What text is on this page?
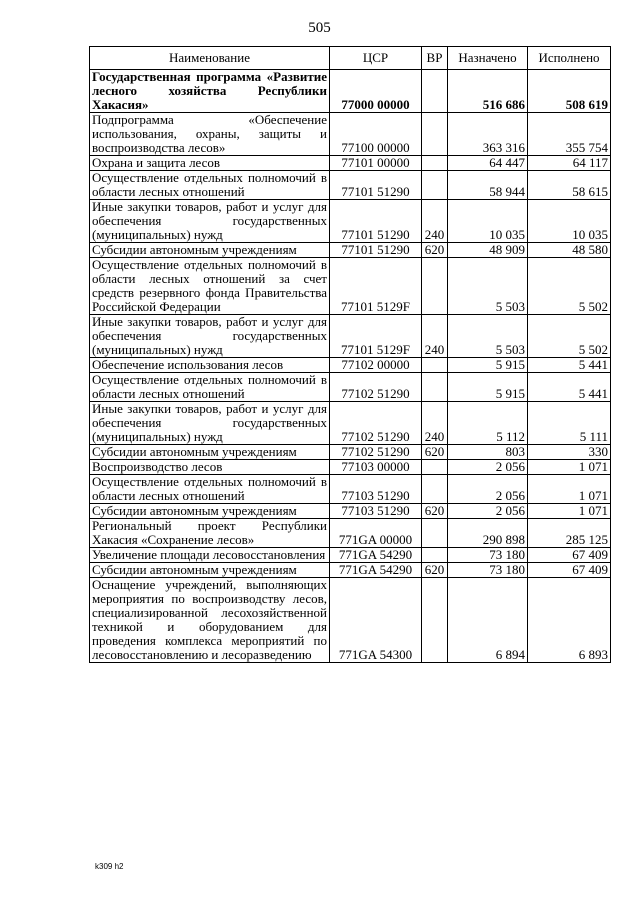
505
Наименование	ЦСР	ВР	Назначено	Исполнено
Государственная программа «Развитие лесного хозяйства Республики Хакасия»	77000 00000		516 686	508 619
Подпрограмма «Обеспечение использования, охраны, защиты и воспроизводства лесов»	77100 00000		363 316	355 754
Охрана и защита лесов	77101 00000		64 447	64 117
Осуществление отдельных полномочий в области лесных отношений	77101 51290		58 944	58 615
Иные закупки товаров, работ и услуг для обеспечения государственных (муниципальных) нужд	77101 51290	240	10 035	10 035
Субсидии автономным учреждениям	77101 51290	620	48 909	48 580
Осуществление отдельных полномочий в области лесных отношений за счет средств резервного фонда Правительства Российской Федерации	77101 5129F		5 503	5 502
Иные закупки товаров, работ и услуг для обеспечения государственных (муниципальных) нужд	77101 5129F	240	5 503	5 502
Обеспечение использования лесов	77102 00000		5 915	5 441
Осуществление отдельных полномочий в области лесных отношений	77102 51290		5 915	5 441
Иные закупки товаров, работ и услуг для обеспечения государственных (муниципальных) нужд	77102 51290	240	5 112	5 111
Субсидии автономным учреждениям	77102 51290	620	803	330
Воспроизводство лесов	77103 00000		2 056	1 071
Осуществление отдельных полномочий в области лесных отношений	77103 51290		2 056	1 071
Субсидии автономным учреждениям	77103 51290	620	2 056	1 071
Региональный проект Республики Хакасия «Сохранение лесов»	771GA 00000		290 898	285 125
Увеличение площади лесовосстановления	771GA 54290		73 180	67 409
Субсидии автономным учреждениям	771GA 54290	620	73 180	67 409
Оснащение учреждений, выполняющих мероприятия по воспроизводству лесов, специализированной лесохозяйственной техникой и оборудованием для проведения комплекса мероприятий по лесовосстановлению и лесоразведению	771GA 54300		6 894	6 893
k309 h2
